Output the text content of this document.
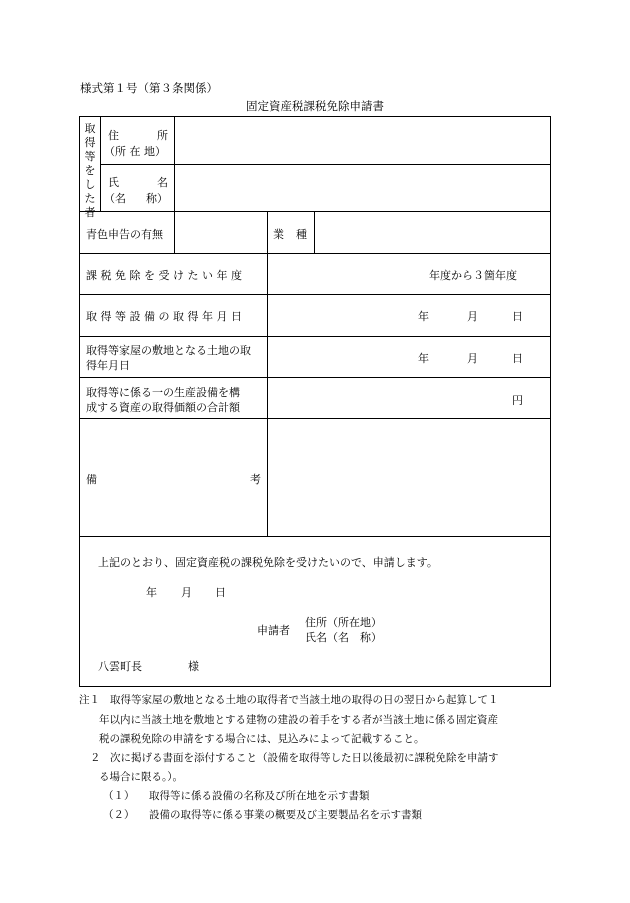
様式第１号（第３条関係）
固定資産税課税免除申請書
取得等をした者
住	所
（所 在 地）
氏	名
（名 称）
青色申告の有無	業 種
課 税 免 除 を 受 け た い 年 度	年度から３箇年度
取 得 等 設 備 の 取 得 年 月 日	年	月	日
取得等家屋の敷地となる土地の取
得年月日
年	月	日
取得等に係る一の生産設備を構
成する資産の取得価額の合計額
円
備	考
上記のとおり、固定資産税の課税免除を受けたいので、申請します。
年 月 日
申請者
住所（所在地）
氏名（名　称）
八雲町長	様
注１ 取得等家屋の敷地となる土地の取得者で当該土地の取得の日の翌日から起算して１
年以内に当該土地を敷地とする建物の建設の着手をする者が当該土地に係る固定資産
税の課税免除の申請をする場合には、見込みによって記載すること。
２ 次に掲げる書面を添付すること（設備を取得等した日以後最初に課税免除を申請す
る場合に限る。）。
（１） 取得等に係る設備の名称及び所在地を示す書類
（２） 設備の取得等に係る事業の概要及び主要製品名を示す書類
